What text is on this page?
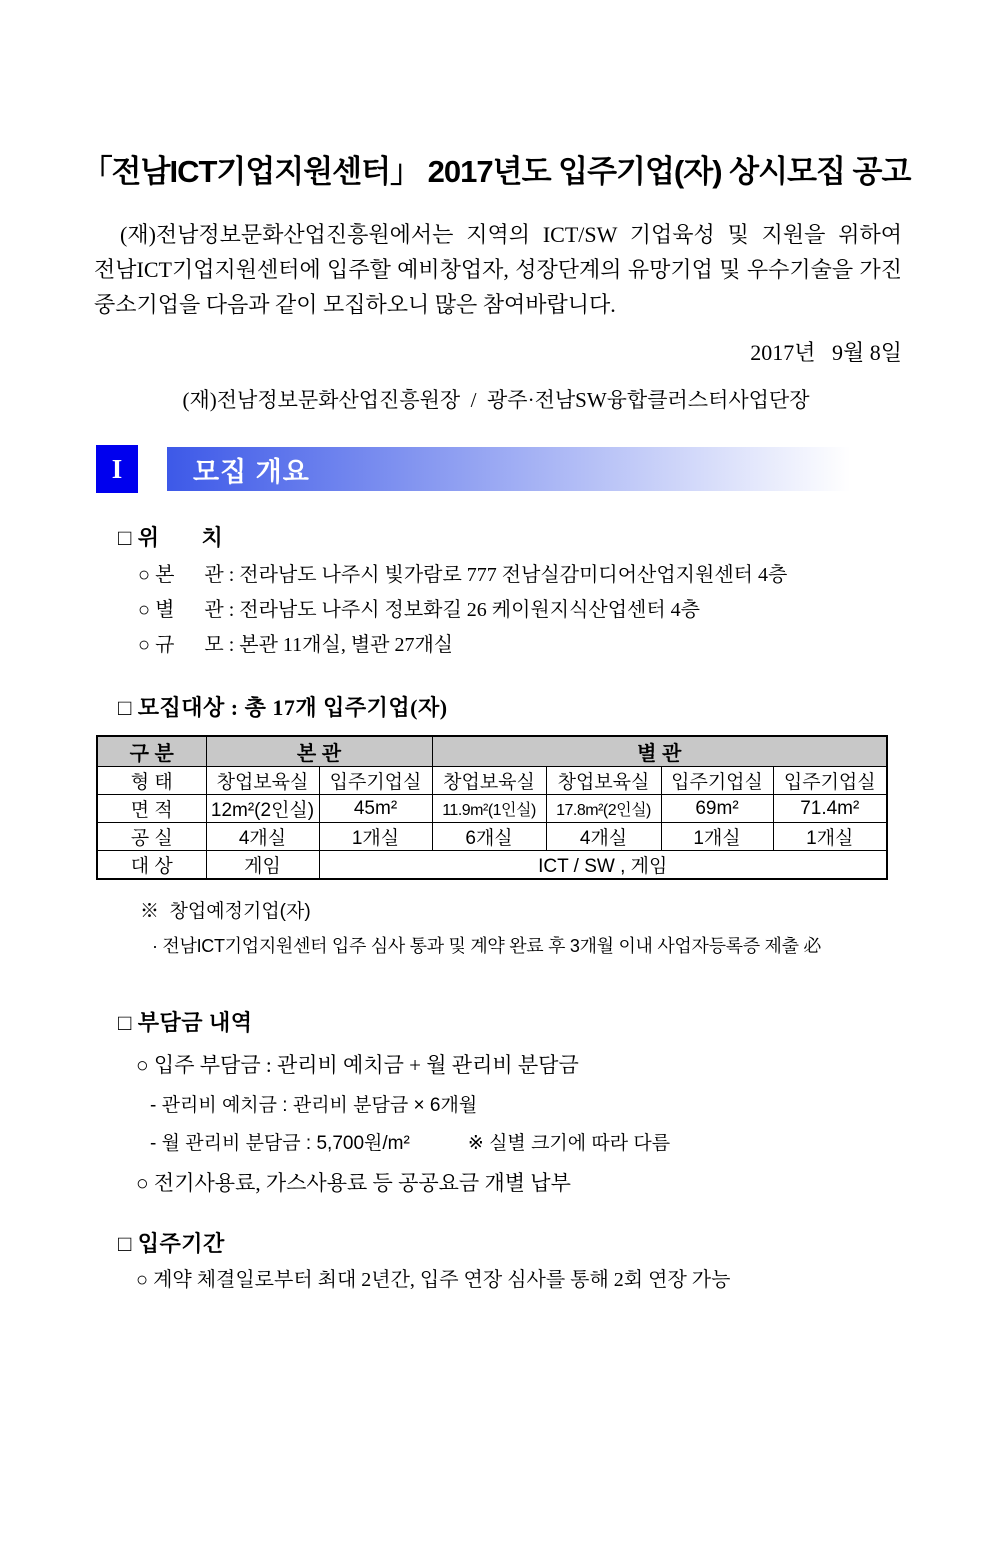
「전남ICT기업지원센터」 2017년도 입주기업(자) 상시모집 공고
(재)전남정보문화산업진흥원에서는 지역의 ICT/SW 기업육성 및 지원을 위하여 전남ICT기업지원센터에 입주할 예비창업자, 성장단계의 유망기업 및 우수기술을 가진 중소기업을 다음과 같이 모집하오니 많은 참여바랍니다.
2017년   9월 8일
(재)전남정보문화산업진흥원장  /  광주·전남SW융합클러스터사업단장
I	모집 개요
□ 위       치
○ 본      관 : 전라남도 나주시 빛가람로 777 전남실감미디어산업지원센터 4층
○ 별      관 : 전라남도 나주시 정보화길 26 케이원지식산업센터 4층
○ 규      모 : 본관 11개실, 별관 27개실
□ 모집대상 : 총 17개 입주기업(자)
구 분	본 관		별 관			
형 태	창업보육실	입주기업실	창업보육실	창업보육실	입주기업실	입주기업실
면 적	12m²(2인실)	45m²	11.9m²(1인실)	17.8m²(2인실)	69m²	71.4m²
공 실	4개실	1개실	6개실	4개실	1개실	1개실
대 상	게임	ICT / SW , 게임				
※  창업예정기업(자)
· 전남ICT기업지원센터 입주 심사 통과 및 계약 완료 후 3개월 이내 사업자등록증 제출 必
□ 부담금 내역
○ 입주 부담금 : 관리비 예치금 + 월 관리비 분담금
- 관리비 예치금 : 관리비 분담금 × 6개월
- 월 관리비 분담금 : 5,700원/m²           ※ 실별 크기에 따라 다름
○ 전기사용료, 가스사용료 등 공공요금 개별 납부
□ 입주기간
○ 계약 체결일로부터 최대 2년간, 입주 연장 심사를 통해 2회 연장 가능
